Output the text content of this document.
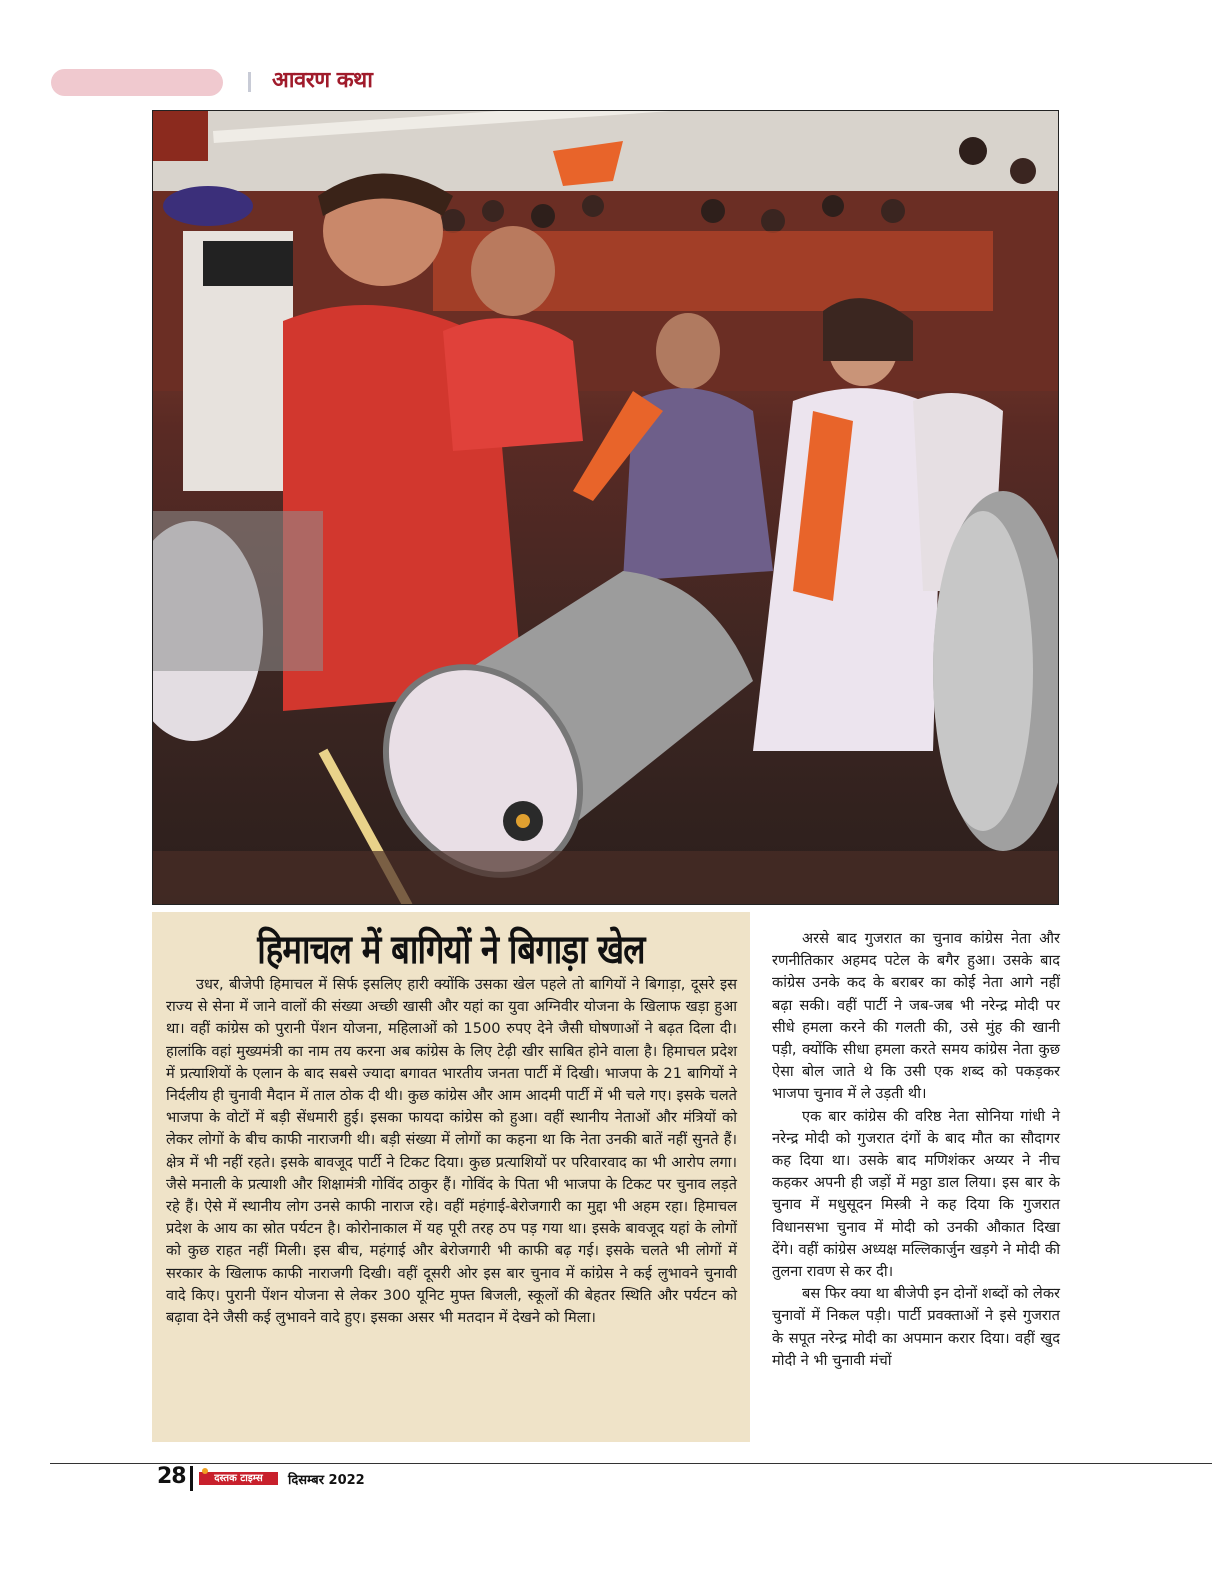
आवरण कथा
हिमाचल में बागियों ने बिगाड़ा खेल

उधर, बीजेपी हिमाचल में सिर्फ इसलिए हारी क्योंकि उसका खेल पहले तो बागियों ने बिगाड़ा, दूसरे इस राज्य से सेना में जाने वालों की संख्या अच्छी खासी और यहां का युवा अग्निवीर योजना के खिलाफ खड़ा हुआ था। वहीं कांग्रेस को पुरानी पेंशन योजना, महिलाओं को 1500 रुपए देने जैसी घोषणाओं ने बढ़त दिला दी। हालांकि वहां मुख्यमंत्री का नाम तय करना अब कांग्रेस के लिए टेढ़ी खीर साबित होने वाला है। हिमाचल प्रदेश में प्रत्याशियों के एलान के बाद सबसे ज्यादा बगावत भारतीय जनता पार्टी में दिखी। भाजपा के 21 बागियों ने निर्दलीय ही चुनावी मैदान में ताल ठोक दी थी। कुछ कांग्रेस और आम आदमी पार्टी में भी चले गए। इसके चलते भाजपा के वोटों में बड़ी सेंधमारी हुई। इसका फायदा कांग्रेस को हुआ। वहीं स्थानीय नेताओं और मंत्रियों को लेकर लोगों के बीच काफी नाराजगी थी। बड़ी संख्या में लोगों का कहना था कि नेता उनकी बातें नहीं सुनते हैं। क्षेत्र में भी नहीं रहते। इसके बावजूद पार्टी ने टिकट दिया। कुछ प्रत्याशियों पर परिवारवाद का भी आरोप लगा। जैसे मनाली के प्रत्याशी और शिक्षामंत्री गोविंद ठाकुर हैं। गोविंद के पिता भी भाजपा के टिकट पर चुनाव लड़ते रहे हैं। ऐसे में स्थानीय लोग उनसे काफी नाराज रहे। वहीं महंगाई-बेरोजगारी का मुद्दा भी अहम रहा। हिमाचल प्रदेश के आय का स्रोत पर्यटन है। कोरोनाकाल में यह पूरी तरह ठप पड़ गया था। इसके बावजूद यहां के लोगों को कुछ राहत नहीं मिली। इस बीच, महंगाई और बेरोजगारी भी काफी बढ़ गई। इसके चलते भी लोगों में सरकार के खिलाफ काफी नाराजगी दिखी। वहीं दूसरी ओर इस बार चुनाव में कांग्रेस ने कई लुभावने चुनावी वादे किए। पुरानी पेंशन योजना से लेकर 300 यूनिट मुफ्त बिजली, स्कूलों की बेहतर स्थिति और पर्यटन को बढ़ावा देने जैसी कई लुभावने वादे हुए। इसका असर भी मतदान में देखने को मिला।

अरसे बाद गुजरात का चुनाव कांग्रेस नेता और रणनीतिकार अहमद पटेल के बगैर हुआ। उसके बाद कांग्रेस उनके कद के बराबर का कोई नेता आगे नहीं बढ़ा सकी। वहीं पार्टी ने जब-जब भी नरेन्द्र मोदी पर सीधे हमला करने की गलती की, उसे मुंह की खानी पड़ी, क्योंकि सीधा हमला करते समय कांग्रेस नेता कुछ ऐसा बोल जाते थे कि उसी एक शब्द को पकड़कर भाजपा चुनाव में ले उड़ती थी।

एक बार कांग्रेस की वरिष्ठ नेता सोनिया गांधी ने नरेन्द्र मोदी को गुजरात दंगों के बाद मौत का सौदागर कह दिया था। उसके बाद मणिशंकर अय्यर ने नीच कहकर अपनी ही जड़ों में मठ्ठा डाल लिया। इस बार के चुनाव में मधुसूदन मिस्त्री ने कह दिया कि गुजरात विधानसभा चुनाव में मोदी को उनकी औकात दिखा देंगे। वहीं कांग्रेस अध्यक्ष मल्लिकार्जुन खड़गे ने मोदी की तुलना रावण से कर दी।

बस फिर क्या था बीजेपी इन दोनों शब्दों को लेकर चुनावों में निकल पड़ी। पार्टी प्रवक्ताओं ने इसे गुजरात के सपूत नरेन्द्र मोदी का अपमान करार दिया। वहीं खुद मोदी ने भी चुनावी मंचों

28	दस्तक टाइम्स	दिसम्बर 2022
